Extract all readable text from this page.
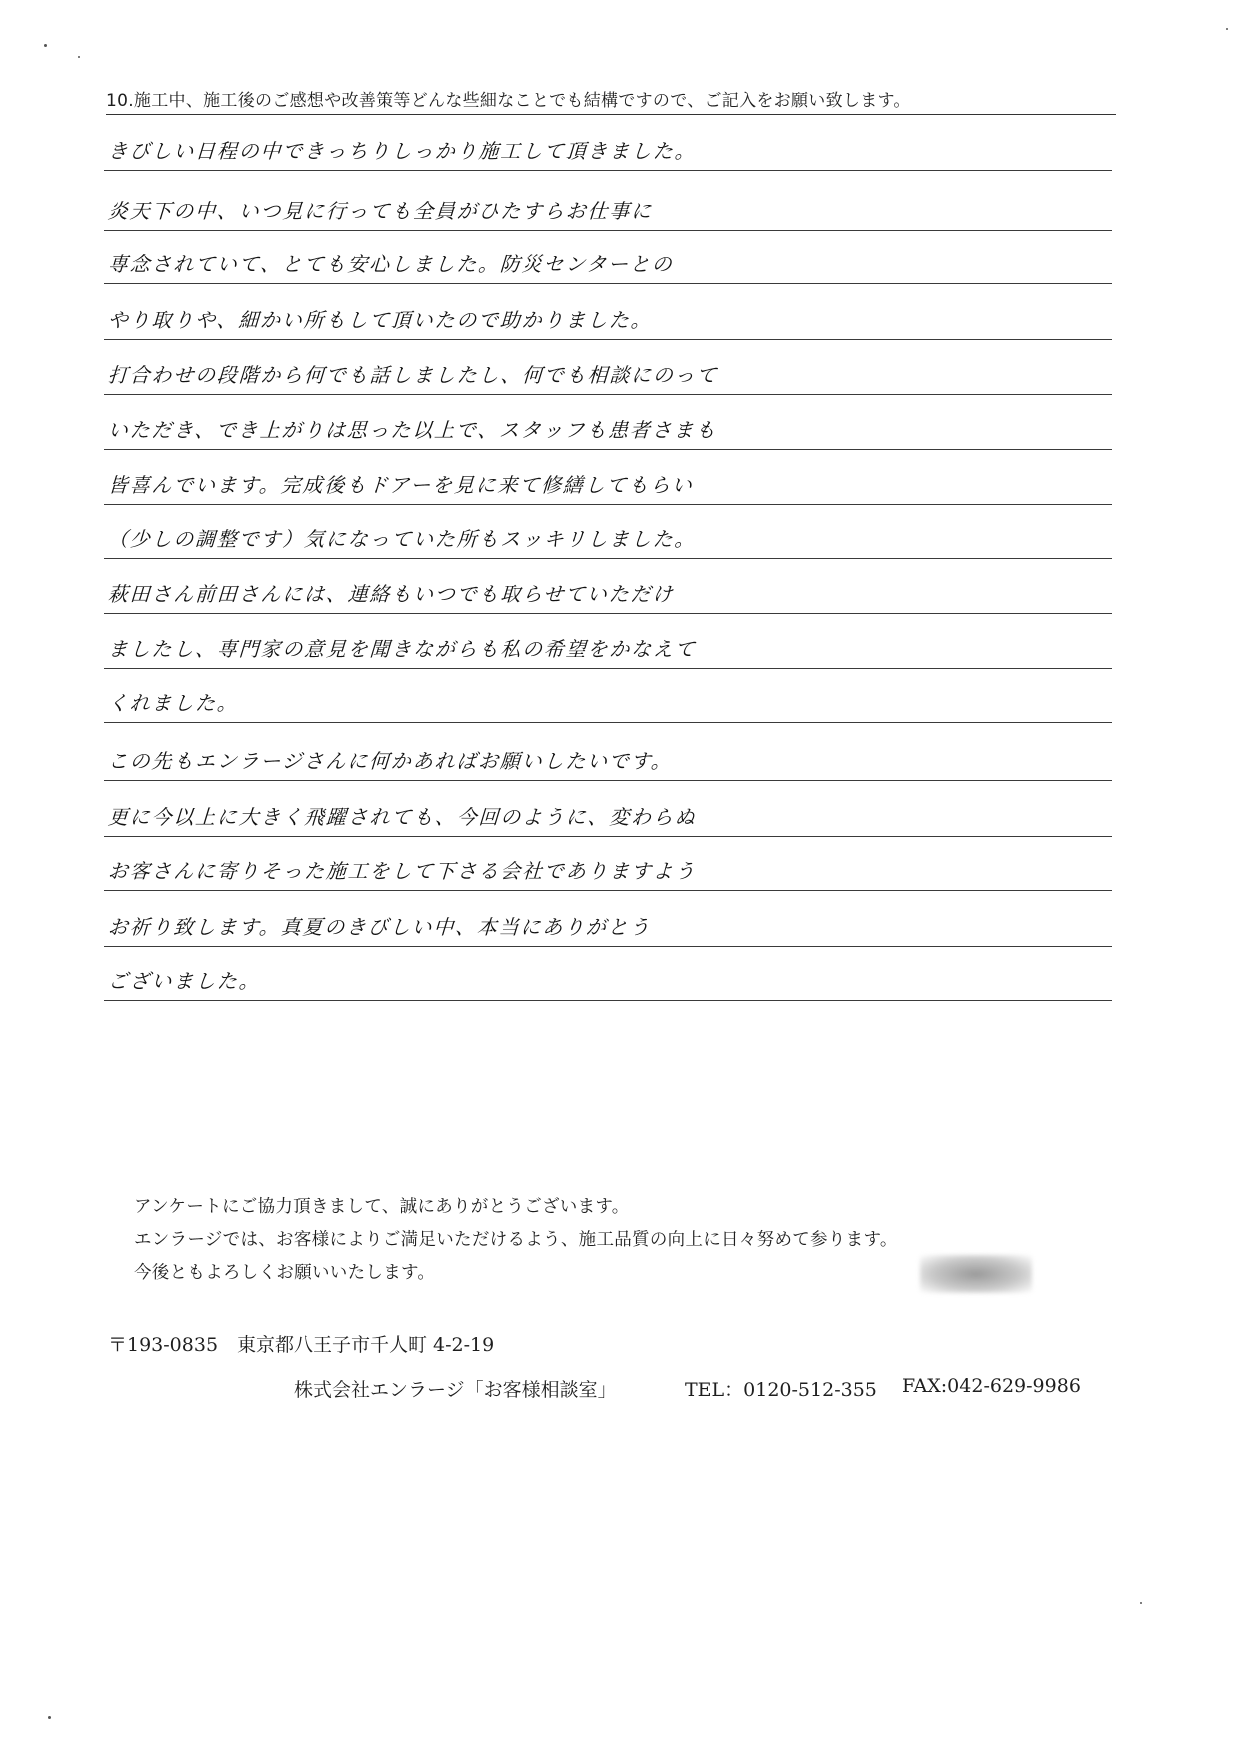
10.施工中、施工後のご感想や改善策等どんな些細なことでも結構ですので、ご記入をお願い致します。
きびしい日程の中できっちりしっかり施工して頂きました。
炎天下の中、いつ見に行っても全員がひたすらお仕事に
専念されていて、とても安心しました。防災センターとの
やり取りや、細かい所もして頂いたので助かりました。
打合わせの段階から何でも話しましたし、何でも相談にのって
いただき、でき上がりは思った以上で、スタッフも患者さまも
皆喜んでいます。完成後もドアーを見に来て修繕してもらい
（少しの調整です）気になっていた所もスッキリしました。
萩田さん前田さんには、連絡もいつでも取らせていただけ
ましたし、専門家の意見を聞きながらも私の希望をかなえて
くれました。
この先もエンラージさんに何かあればお願いしたいです。
更に今以上に大きく飛躍されても、今回のように、変わらぬ
お客さんに寄りそった施工をして下さる会社でありますよう
お祈り致します。真夏のきびしい中、本当にありがとう
ございました。
アンケートにご協力頂きまして、誠にありがとうございます。
エンラージでは、お客様によりご満足いただけるよう、施工品質の向上に日々努めて参ります。
今後ともよろしくお願いいたします。
〒193-0835 東京都八王子市千人町 4-2-19
株式会社エンラージ「お客様相談室」	TEL：0120-512-355 FAX:042-629-9986
